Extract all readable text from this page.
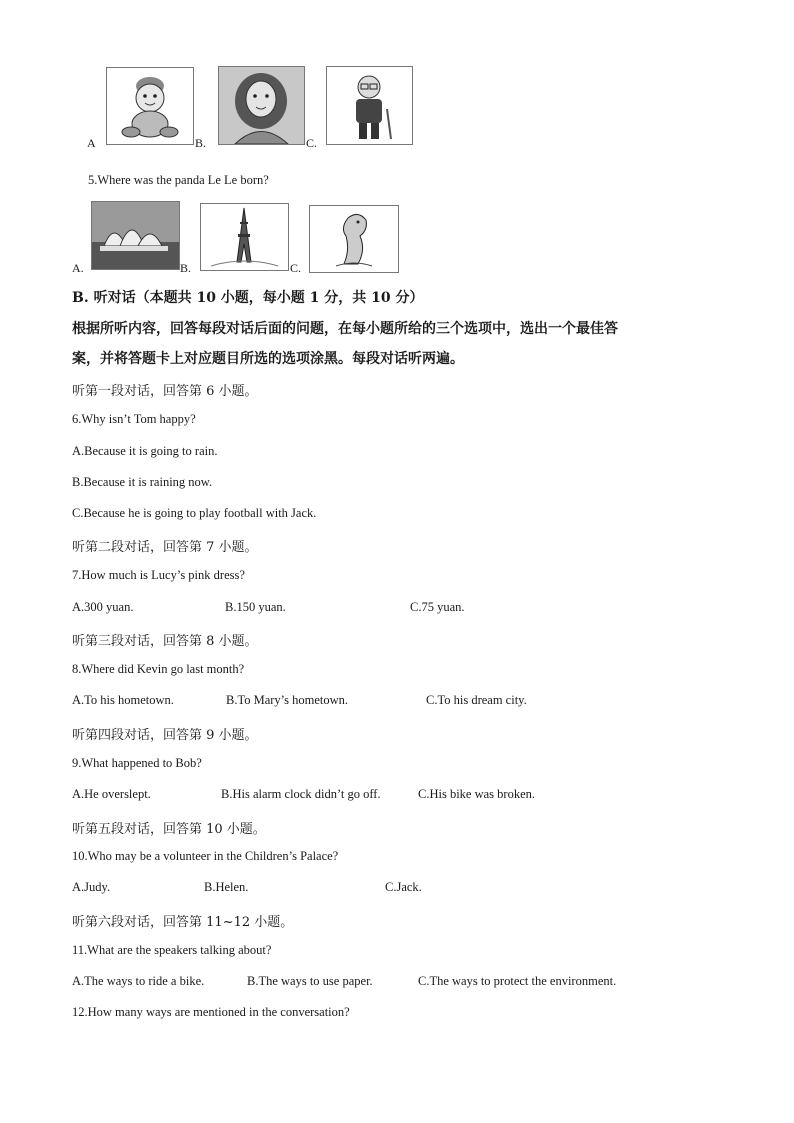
A	B.	C.
5.Where was the panda Le Le born?
A.	B.	C.
B. 听对话（本题共 10 小题，每小题 1 分，共 10 分）
根据所听内容，回答每段对话后面的问题，在每小题所给的三个选项中，选出一个最佳答
案，并将答题卡上对应题目所选的选项涂黑。每段对话听两遍。
听第一段对话，回答第 6 小题。
6.Why isn’t Tom happy?
A.Because it is going to rain.
B.Because it is raining now.
C.Because he is going to play football with Jack.
听第二段对话，回答第 7 小题。
7.How much is Lucy’s pink dress?
A.300 yuan.	B.150 yuan.	C.75 yuan.
听第三段对话，回答第 8 小题。
8.Where did Kevin go last month?
A.To his hometown.	B.To Mary’s hometown.	C.To his dream city.
听第四段对话，回答第 9 小题。
9.What happened to Bob?
A.He overslept.	B.His alarm clock didn’t go off.	C.His bike was broken.
听第五段对话，回答第 10 小题。
10.Who may be a volunteer in the Children’s Palace?
A.Judy.	B.Helen.	C.Jack.
听第六段对话，回答第 11~12 小题。
11.What are the speakers talking about?
A.The ways to ride a bike.	B.The ways to use paper.	C.The ways to protect the environment.
12.How many ways are mentioned in the conversation?
